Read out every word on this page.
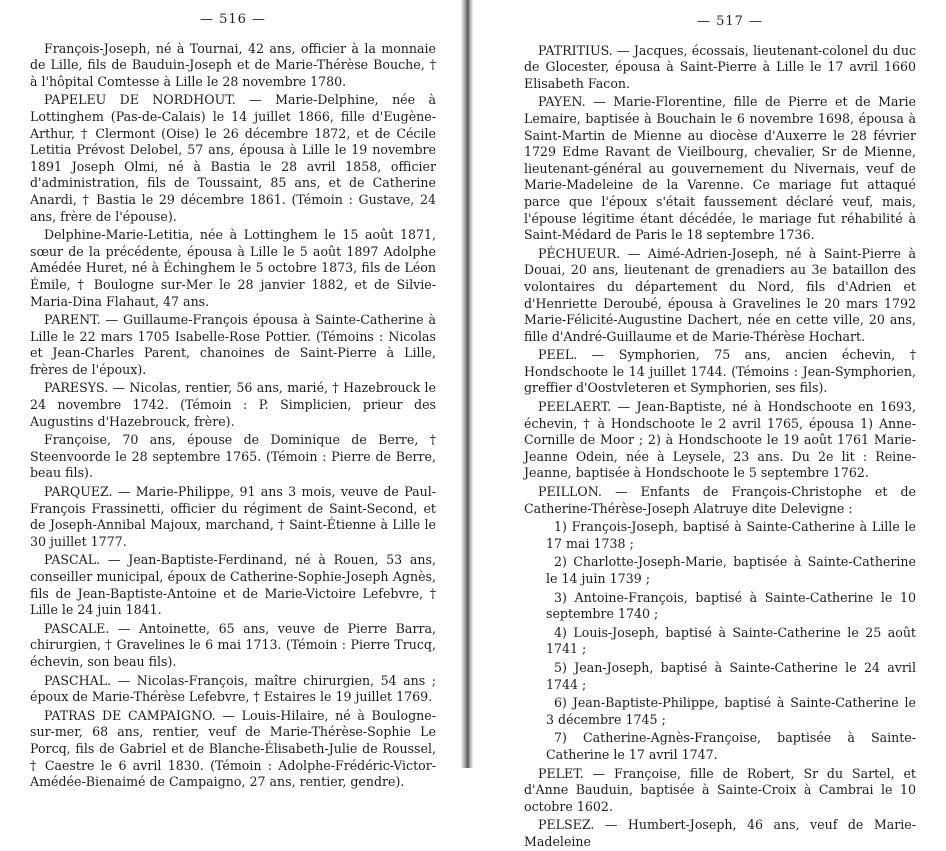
— 516 —

François-Joseph, né à Tournai, 42 ans, officier à la monnaie de Lille, fils de Bauduin-Joseph et de Marie-Thérèse Bouche, † à l'hôpital Comtesse à Lille le 28 novembre 1780.

PAPELEU DE NORDHOUT. — Marie-Delphine, née à Lottinghem (Pas-de-Calais) le 14 juillet 1866, fille d'Eugène-Arthur, † Clermont (Oise) le 26 décembre 1872, et de Cécile Letitia Prévost Delobel, 57 ans, épousa à Lille le 19 novembre 1891 Joseph Olmi, né à Bastia le 28 avril 1858, officier d'administration, fils de Toussaint, 85 ans, et de Catherine Anardi, † Bastia le 29 décembre 1861. (Témoin : Gustave, 24 ans, frère de l'épouse).

Delphine-Marie-Letitia, née à Lottinghem le 15 août 1871, sœur de la précédente, épousa à Lille le 5 août 1897 Adolphe Amédée Huret, né à Échinghem le 5 octobre 1873, fils de Léon Émile, † Boulogne sur-Mer le 28 janvier 1882, et de Silvie-Maria-Dina Flahaut, 47 ans.

PARENT. — Guillaume-François épousa à Sainte-Catherine à Lille le 22 mars 1705 Isabelle-Rose Pottier. (Témoins : Nicolas et Jean-Charles Parent, chanoines de Saint-Pierre à Lille, frères de l'époux).

PARESYS. — Nicolas, rentier, 56 ans, marié, † Hazebrouck le 24 novembre 1742. (Témoin : P. Simplicien, prieur des Augustins d'Hazebrouck, frère).

Françoise, 70 ans, épouse de Dominique de Berre, † Steenvoorde le 28 septembre 1765. (Témoin : Pierre de Berre, beau fils).

PARQUEZ. — Marie-Philippe, 91 ans 3 mois, veuve de Paul-François Frassinetti, officier du régiment de Saint-Second, et de Joseph-Annibal Majoux, marchand, † Saint-Étienne à Lille le 30 juillet 1777.

PASCAL. — Jean-Baptiste-Ferdinand, né à Rouen, 53 ans, conseiller municipal, époux de Catherine-Sophie-Joseph Agnès, fils de Jean-Baptiste-Antoine et de Marie-Victoire Lefebvre, † Lille le 24 juin 1841.

PASCALE. — Antoinette, 65 ans, veuve de Pierre Barra, chirurgien, † Gravelines le 6 mai 1713. (Témoin : Pierre Trucq, échevin, son beau fils).

PASCHAL. — Nicolas-François, maître chirurgien, 54 ans ; époux de Marie-Thérèse Lefebvre, † Estaires le 19 juillet 1769.

PATRAS DE CAMPAIGNO. — Louis-Hilaire, né à Boulogne-sur-mer, 68 ans, rentier, veuf de Marie-Thérèse-Sophie Le Porcq, fils de Gabriel et de Blanche-Élisabeth-Julie de Roussel, † Caestre le 6 avril 1830. (Témoin : Adolphe-Frédéric-Victor-Amédée-Bienaimé de Campaigno, 27 ans, rentier, gendre).

— 517 —

PATRITIUS. — Jacques, écossais, lieutenant-colonel du duc de Glocester, épousa à Saint-Pierre à Lille le 17 avril 1660 Elisabeth Facon.

PAYEN. — Marie-Florentine, fille de Pierre et de Marie Lemaire, baptisée à Bouchain le 6 novembre 1698, épousa à Saint-Martin de Mienne au diocèse d'Auxerre le 28 février 1729 Edme Ravant de Vieilbourg, chevalier, Sr de Mienne, lieutenant-général au gouvernement du Nivernais, veuf de Marie-Madeleine de la Varenne. Ce mariage fut attaqué parce que l'époux s'était faussement déclaré veuf, mais, l'épouse légitime étant décédée, le mariage fut réhabilité à Saint-Médard de Paris le 18 septembre 1736.

PÉCHUEUR. — Aimé-Adrien-Joseph, né à Saint-Pierre à Douai, 20 ans, lieutenant de grenadiers au 3e bataillon des volontaires du département du Nord, fils d'Adrien et d'Henriette Deroubé, épousa à Gravelines le 20 mars 1792 Marie-Félicité-Augustine Dachert, née en cette ville, 20 ans, fille d'André-Guillaume et de Marie-Thérèse Hochart.

PEEL. — Symphorien, 75 ans, ancien échevin, † Hondschoote le 14 juillet 1744. (Témoins : Jean-Symphorien, greffier d'Oostvleteren et Symphorien, ses fils).

PEELAERT. — Jean-Baptiste, né à Hondschoote en 1693, échevin, † à Hondschoote le 2 avril 1765, épousa 1) Anne-Cornille de Moor ; 2) à Hondschoote le 19 août 1761 Marie-Jeanne Odein, née à Leysele, 23 ans. Du 2e lit : Reine-Jeanne, baptisée à Hondschoote le 5 septembre 1762.

PEILLON. — Enfants de François-Christophe et de Catherine-Thérèse-Joseph Alatruye dite Delevigne :

1) François-Joseph, baptisé à Sainte-Catherine à Lille le 17 mai 1738 ;

2) Charlotte-Joseph-Marie, baptisée à Sainte-Catherine le 14 juin 1739 ;

3) Antoine-François, baptisé à Sainte-Catherine le 10 septembre 1740 ;

4) Louis-Joseph, baptisé à Sainte-Catherine le 25 août 1741 ;

5) Jean-Joseph, baptisé à Sainte-Catherine le 24 avril 1744 ;

6) Jean-Baptiste-Philippe, baptisé à Sainte-Catherine le 3 décembre 1745 ;

7) Catherine-Agnès-Françoise, baptisée à Sainte-Catherine le 17 avril 1747.

PELET. — Françoise, fille de Robert, Sr du Sartel, et d'Anne Bauduin, baptisée à Sainte-Croix à Cambrai le 10 octobre 1602.

PELSEZ. — Humbert-Joseph, 46 ans, veuf de Marie-Madeleine
